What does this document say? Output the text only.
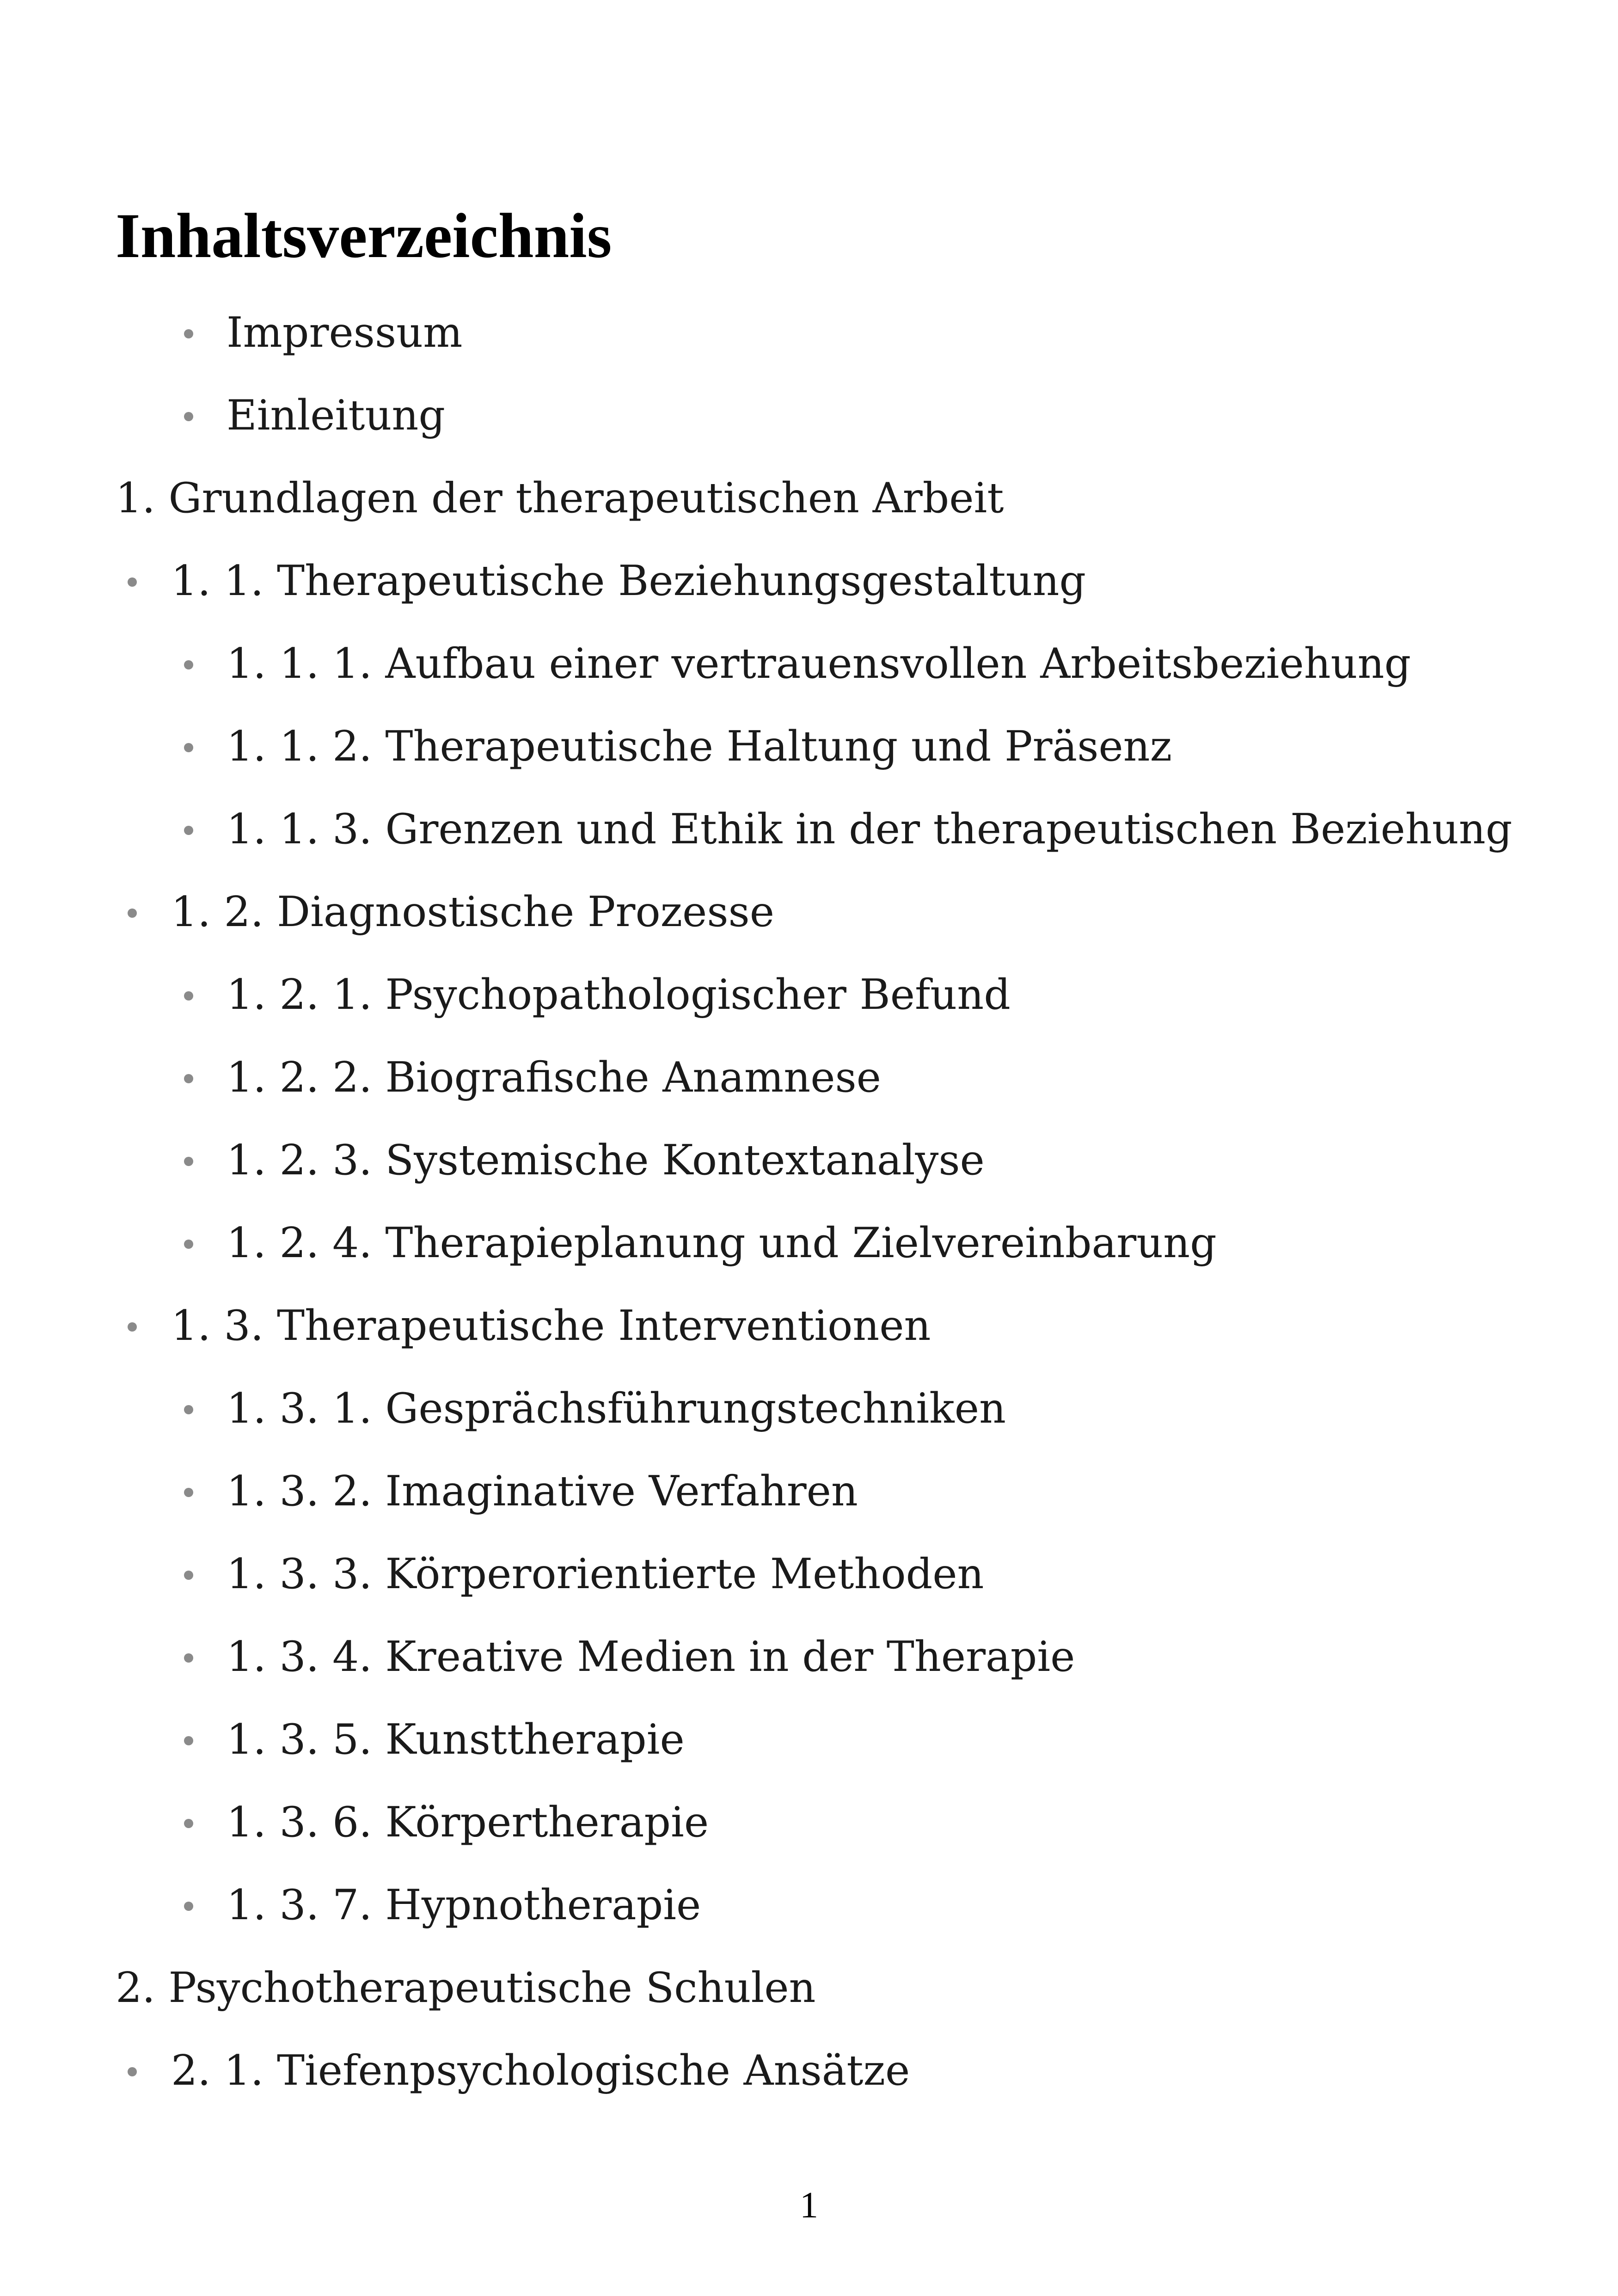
Inhaltsverzeichnis
Impressum
Einleitung
1. Grundlagen der therapeutischen Arbeit
1. 1. Therapeutische Beziehungsgestaltung
1. 1. 1. Aufbau einer vertrauensvollen Arbeitsbeziehung
1. 1. 2. Therapeutische Haltung und Präsenz
1. 1. 3. Grenzen und Ethik in der therapeutischen Beziehung
1. 2. Diagnostische Prozesse
1. 2. 1. Psychopathologischer Befund
1. 2. 2. Biografische Anamnese
1. 2. 3. Systemische Kontextanalyse
1. 2. 4. Therapieplanung und Zielvereinbarung
1. 3. Therapeutische Interventionen
1. 3. 1. Gesprächsführungstechniken
1. 3. 2. Imaginative Verfahren
1. 3. 3. Körperorientierte Methoden
1. 3. 4. Kreative Medien in der Therapie
1. 3. 5. Kunsttherapie
1. 3. 6. Körpertherapie
1. 3. 7. Hypnotherapie
2. Psychotherapeutische Schulen
2. 1. Tiefenpsychologische Ansätze
1
